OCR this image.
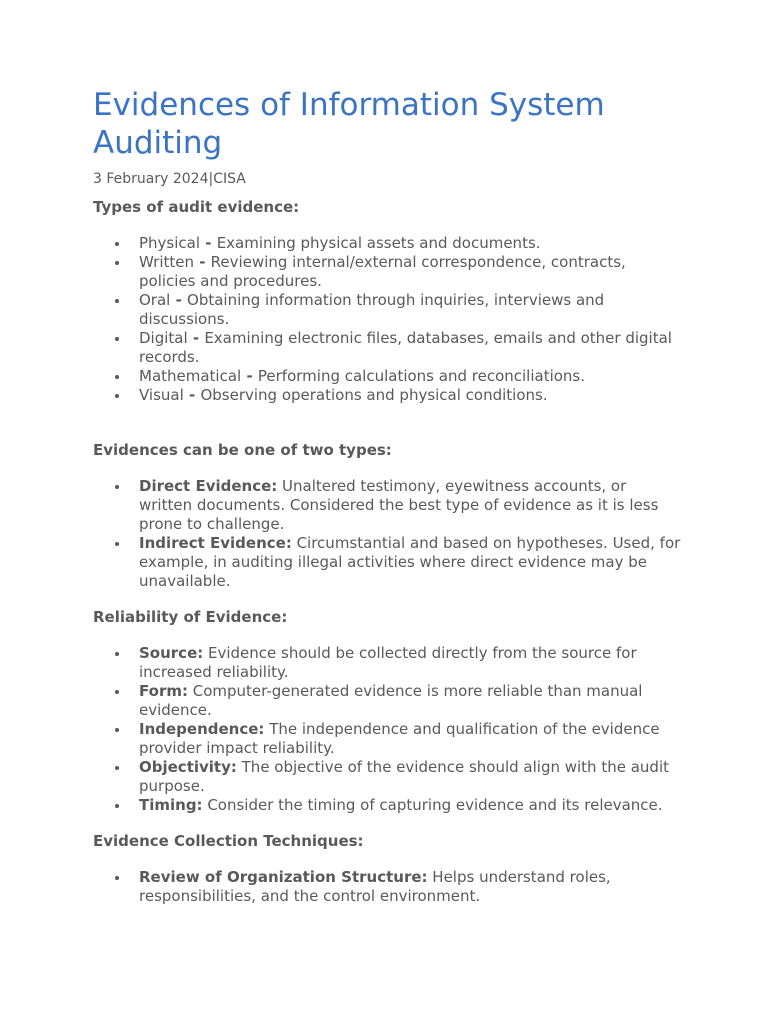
Evidences of Information System Auditing
3 February 2024|CISA

Types of audit evidence:

Physical - Examining physical assets and documents.
Written - Reviewing internal/external correspondence, contracts, policies and procedures.
Oral - Obtaining information through inquiries, interviews and discussions.
Digital - Examining electronic files, databases, emails and other digital records.
Mathematical - Performing calculations and reconciliations.
Visual - Observing operations and physical conditions.

Evidences can be one of two types:

Direct Evidence: Unaltered testimony, eyewitness accounts, or written documents. Considered the best type of evidence as it is less prone to challenge.
Indirect Evidence: Circumstantial and based on hypotheses. Used, for example, in auditing illegal activities where direct evidence may be unavailable.

Reliability of Evidence:

Source: Evidence should be collected directly from the source for increased reliability.
Form: Computer-generated evidence is more reliable than manual evidence.
Independence: The independence and qualification of the evidence provider impact reliability.
Objectivity: The objective of the evidence should align with the audit purpose.
Timing: Consider the timing of capturing evidence and its relevance.

Evidence Collection Techniques:

Review of Organization Structure: Helps understand roles, responsibilities, and the control environment.
